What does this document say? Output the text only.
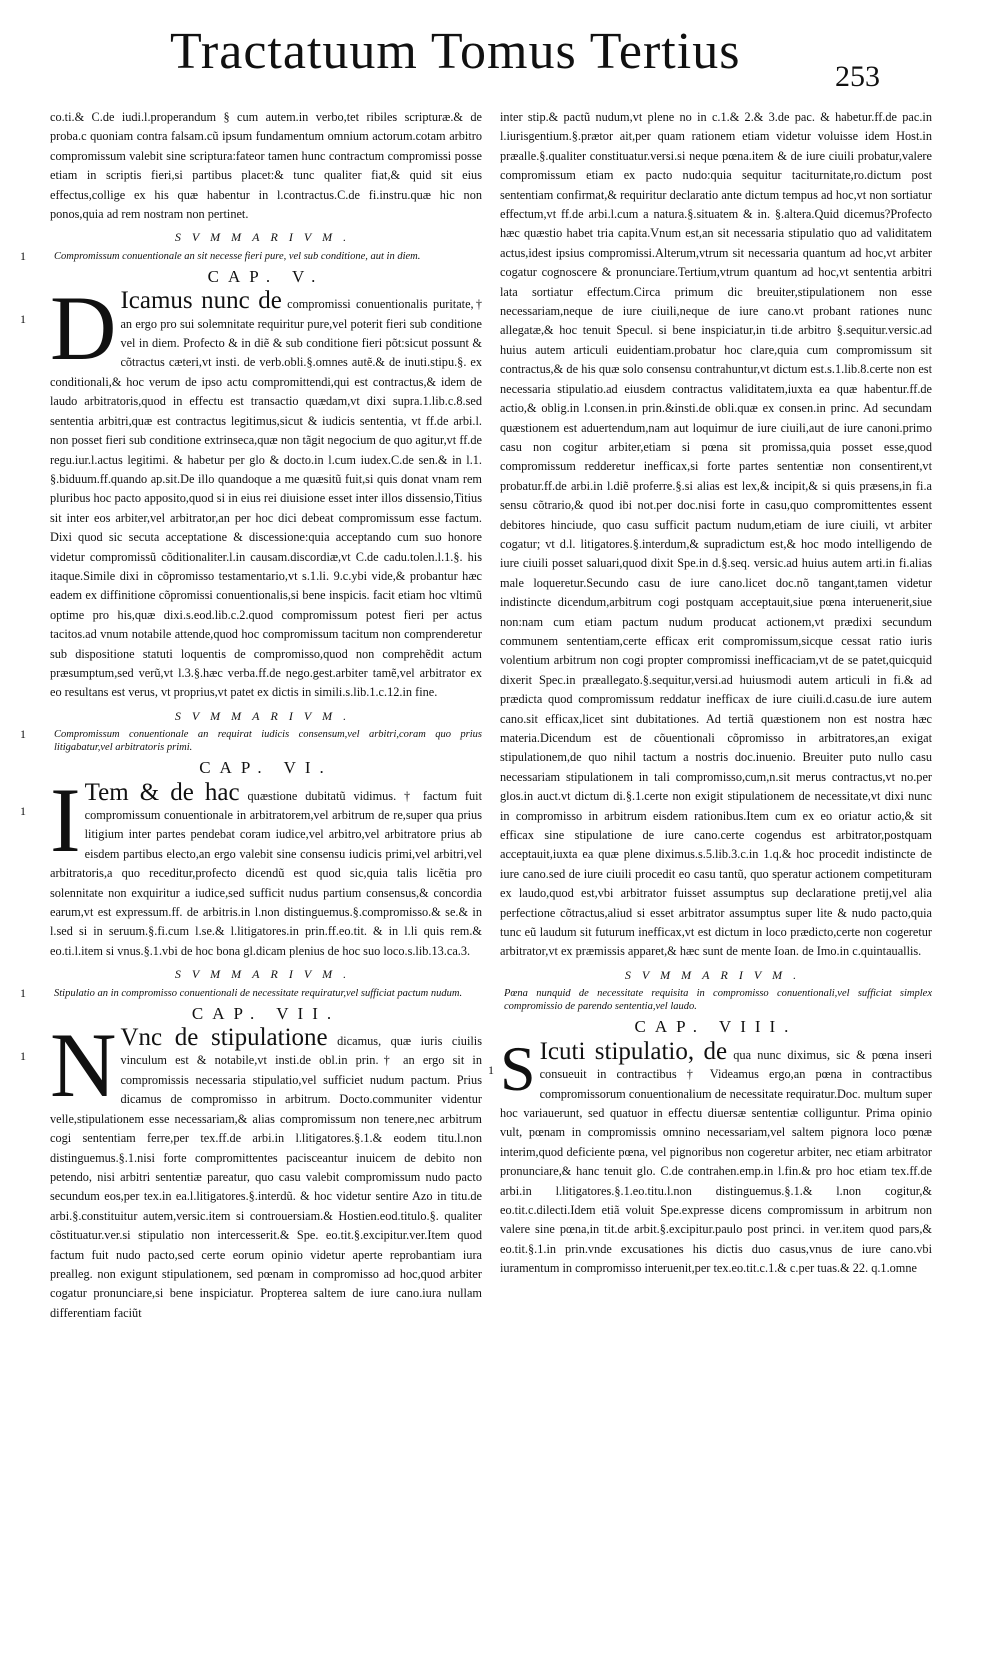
Tractatuum Tomus Tertius	253

co.ti.& C.de iudi.l.properandum § cum autem.in verbo,tet ribiles scripturæ.& de proba.c quoniam contra falsam.cũ ipsum fundamentum omnium actorum.cotam arbitro compromissum valebit sine scriptura:fateor tamen hunc contractum compromissi posse etiam in scriptis fieri,si partibus placet:& tunc qualiter fiat,& quid sit eius effectus,collige ex his quæ habentur in l.contractus.C.de fi.instru.quæ hic non ponos,quia ad rem nostram non pertinet.

SVMMARIVM.
1	Compromissum conuentionale an sit necesse fieri pure, vel sub conditione, aut in diem.
CAP. V.

1 D Icamus nunc de compromissi conuentionalis puritate,† an ergo pro sui solemnitate requiritur pure,vel poterit fieri sub conditione vel in diem. Profecto & in diẽ & sub conditione fieri põt:sicut possunt & cõtractus cæteri,vt insti. de verb.obli.§.omnes autẽ.& de inuti.stipu.§. ex conditionali,& hoc verum de ipso actu compromittendi,qui est contractus,& idem de laudo arbitratoris,quod in effectu est transactio quædam,vt dixi supra.1.lib.c.8.sed sententia arbitri,quæ est contractus legitimus,sicut & iudicis sententia, vt ff.de arbi.l. non posset fieri sub conditione extrinseca,quæ non tãgit negocium de quo agitur,vt ff.de regu.iur.l.actus legitimi. & habetur per glo & docto.in l.cum iudex.C.de sen.& in l.1. §.biduum.ff.quando ap.sit.De illo quandoque a me quæsitũ fuit,si quis donat vnam rem pluribus hoc pacto apposito,quod si in eius rei diuisione esset inter illos dissensio,Titius sit inter eos arbiter,vel arbitrator,an per hoc dici debeat compromissum esse factum. Dixi quod sic secuta acceptatione & discessione:quia acceptando cum suo honore videtur compromissũ cõditionaliter.l.in causam.discordiæ,vt C.de cadu.tolen.l.1.§. his itaque.Simile dixi in cõpromisso testamentario,vt s.1.li. 9.c.ybi vide,& probantur hæc eadem ex diffinitione cõpromissi conuentionalis,si bene inspicis. facit etiam hoc vltimũ optime pro his,quæ dixi.s.eod.lib.c.2.quod compromissum potest fieri per actus tacitos.ad vnum notabile attende,quod hoc compromissum tacitum non comprenderetur sub dispositione statuti loquentis de compromisso,quod non comprehẽdit actum præsumptum,sed verũ,vt l.3.§.hæc verba.ff.de nego.gest.arbiter tamẽ,vel arbitrator ex eo resultans est verus, vt proprius,vt patet ex dictis in simili.s.lib.1.c.12.in fine.

SVMMARIVM.
1	Compromissum conuentionale an requirat iudicis consensum,vel arbitri,coram quo prius litigabatur,vel arbitratoris primi.
CAP. VI.

1 I Tem & de hac quæstione dubitatũ vidimus. † factum fuit compromissum conuentionale in arbitratorem,vel arbitrum de re,super qua prius litigium inter partes pendebat coram iudice,vel arbitro,vel arbitratore prius ab eisdem partibus electo,an ergo valebit sine consensu iudicis primi,vel arbitri,vel arbitratoris,a quo receditur,profecto dicendũ est quod sic,quia talis licẽtia pro solennitate non exquiritur a iudice,sed sufficit nudus partium consensus,& concordia earum,vt est expressum.ff. de arbitris.in l.non distinguemus.§.compromisso.& se.& in l.sed si in seruum.§.fi.cum l.se.& l.litigatores.in prin.ff.eo.tit. & in l.li quis rem.& eo.ti.l.item si vnus.§.1.vbi de hoc bona gl.dicam plenius de hoc suo loco.s.lib.13.ca.3.

SVMMARIVM.
1	Stipulatio an in compromisso conuentionali de necessitate requiratur,vel sufficiat pactum nudum.
CAP. VII.

1 N Vnc de stipulatione dicamus, quæ iuris ciuilis vinculum est & notabile,vt insti.de obl.in prin.† an ergo sit in compromissis necessaria stipulatio,vel sufficiet nudum pactum. Prius dicamus de compromisso in arbitrum. Docto.communiter videntur velle,stipulationem esse necessariam,& alias compromissum non tenere,nec arbitrum cogi sententiam ferre,per tex.ff.de arbi.in l.litigatores.§.1.& eodem titu.l.non distinguemus.§.1.nisi forte compromittentes pacisceantur inuicem de debito non petendo, nisi arbitri sententiæ pareatur, quo casu valebit compromissum nudo pacto secundum eos,per tex.in ea.l.litigatores.§.interdũ. & hoc videtur sentire Azo in titu.de arbi.§.constituitur autem,versic.item si controuersiam.& Hostien.eod.titulo.§. qualiter cõstituatur.ver.si stipulatio non intercesserit.& Spe. eo.tit.§.excipitur.ver.Item quod factum fuit nudo pacto,sed certe eorum opinio videtur aperte reprobantiam iura prealleg. non exigunt stipulationem, sed pœnam in compromisso ad hoc,quod arbiter cogatur pronunciare,si bene inspiciatur. Propterea saltem de iure cano.iura nullam differentiam faciũt

inter stip.& pactũ nudum,vt plene no in c.1.& 2.& 3.de pac. & habetur.ff.de pac.in l.iurisgentium.§.prætor ait,per quam rationem etiam videtur voluisse idem Host.in præalle.§.qualiter constituatur.versi.si neque pœna.item & de iure ciuili probatur,valere compromissum etiam ex pacto nudo:quia sequitur taciturnitate,ro.dictum post sententiam confirmat,& requiritur declaratio ante dictum tempus ad hoc,vt non sortiatur effectum,vt ff.de arbi.l.cum a natura.§.situatem & in. §.altera.Quid dicemus?Profecto hæc quæstio habet tria capita.Vnum est,an sit necessaria stipulatio quo ad validitatem actus,idest ipsius compromissi.Alterum,vtrum sit necessaria quantum ad hoc,vt arbiter cogatur cognoscere & pronunciare.Tertium,vtrum quantum ad hoc,vt sententia arbitri lata sortiatur effectum.Circa primum dic breuiter,stipulationem non esse necessariam,neque de iure ciuili,neque de iure cano.vt probant rationes nunc allegatæ,& hoc tenuit Specul. si bene inspiciatur,in ti.de arbitro §.sequitur.versic.ad huius autem articuli euidentiam.probatur hoc clare,quia cum compromissum sit contractus,& de his quæ solo consensu contrahuntur,vt dictum est.s.1.lib.8.certe non est necessaria stipulatio.ad eiusdem contractus validitatem,iuxta ea quæ habentur.ff.de actio,& oblig.in l.consen.in prin.&insti.de obli.quæ ex consen.in princ. Ad secundam quæstionem est aduertendum,nam aut loquimur de iure ciuili,aut de iure canoni.primo casu non cogitur arbiter,etiam si pœna sit promissa,quia posset esse,quod compromissum redderetur inefficax,si forte partes sententiæ non consentirent,vt probatur.ff.de arbi.in l.diẽ proferre.§.si alias est lex,& incipit,& si quis præsens,in fi.a sensu cõtrario,& quod ibi not.per doc.nisi forte in casu,quo compromittentes essent debitores hinciude, quo casu sufficit pactum nudum,etiam de iure ciuili, vt arbiter cogatur; vt d.l. litigatores.§.interdum,& supradictum est,& hoc modo intelligendo de iure ciuili posset saluari,quod dixit Spe.in d.§.seq. versic.ad huius autem arti.in fi.alias male loqueretur.Secundo casu de iure cano.licet doc.nõ tangant,tamen videtur indistincte dicendum,arbitrum cogi postquam acceptauit,siue pœna interuenerit,siue non:nam cum etiam pactum nudum producat actionem,vt prædixi secundum communem sententiam,certe efficax erit compromissum,sicque cessat ratio iuris volentium arbitrum non cogi propter compromissi inefficaciam,vt de se patet,quicquid dixerit Spec.in præallegato.§.sequitur,versi.ad huiusmodi autem articuli in fi.& ad prædicta quod compromissum reddatur inefficax de iure ciuili.d.casu.de iure autem cano.sit efficax,licet sint dubitationes. Ad tertiã quæstionem non est nostra hæc materia.Dicendum est de cõuentionali cõpromisso in arbitratores,an exigat stipulationem,de quo nihil tactum a nostris doc.inuenio. Breuiter puto nullo casu necessariam stipulationem in tali compromisso,cum,n.sit merus contractus,vt no.per glos.in auct.vt dictum di.§.1.certe non exigit stipulationem de necessitate,vt dixi nunc in compromisso in arbitrum eisdem rationibus.Item cum ex eo oriatur actio,& sit efficax sine stipulatione de iure cano.certe cogendus est arbitrator,postquam acceptauit,iuxta ea quæ plene diximus.s.5.lib.3.c.in 1.q.& hoc procedit indistincte de iure cano.sed de iure ciuili procedit eo casu tantũ, quo speratur actionem competituram ex laudo,quod est,vbi arbitrator fuisset assumptus sup declaratione pretij,vel alia perfectione cõtractus,aliud si esset arbitrator assumptus super lite & nudo pacto,quia tunc eũ laudum sit futurum inefficax,vt est dictum in loco prædicto,certe non cogeretur arbitrator,vt ex præmissis apparet,& hæc sunt de mente Ioan. de Imo.in c.quintauallis.

SVMMARIVM.
Pœna nunquid de necessitate requisita in compromisso conuentionali,vel sufficiat simplex compromissio de parendo sententia,vel laudo.
CAP. VIII.

1 S Icuti stipulatio, de qua nunc diximus, sic & pœna inseri consueuit in contractibus † Videamus ergo,an pœna in contractibus compromissorum conuentionalium de necessitate requiratur.Doc. multum super hoc variauerunt, sed quatuor in effectu diuersæ sententiæ colliguntur. Prima opinio vult, pœnam in compromissis omnino necessariam,vel saltem pignora loco pœnæ interim,quod deficiente pœna, vel pignoribus non cogeretur arbiter, nec etiam arbitrator pronunciare,& hanc tenuit glo. C.de contrahen.emp.in l.fin.& pro hoc etiam tex.ff.de arbi.in l.litigatores.§.1.eo.titu.l.non distinguemus.§.1.& l.non cogitur,& eo.tit.c.dilecti.Idem etiã voluit Spe.expresse dicens compromissum in arbitrum non valere sine pœna,in tit.de arbit.§.excipitur.paulo post princi. in ver.item quod pars,& eo.tit.§.1.in prin.vnde excusationes his dictis duo casus,vnus de iure cano.vbi iuramentum in compromisso interuenit,per tex.eo.tit.c.1.& c.per tuas.& 22. q.1.omne
